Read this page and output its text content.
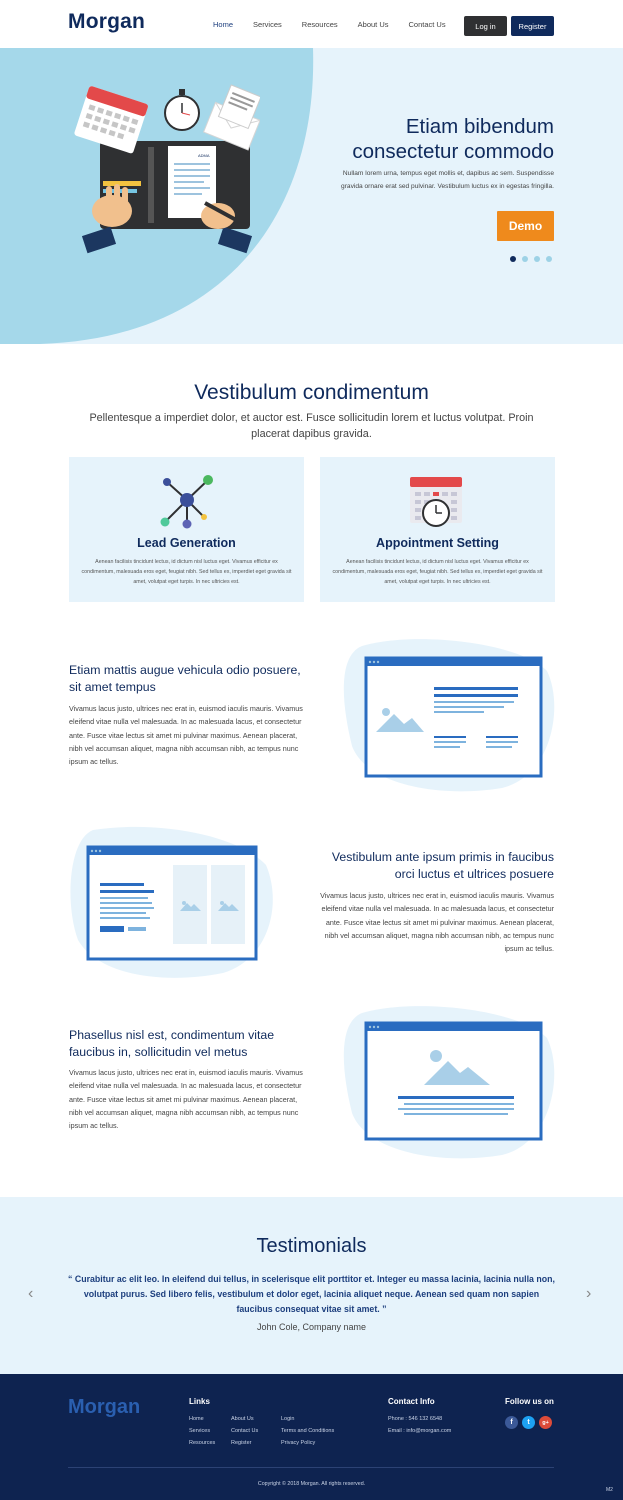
Morgan	Home	Services	Resources	About Us	Contact Us	Log in	Register
ADMA
Etiam bibendum
consectetur commodo
Nullam lorem urna, tempus eget mollis et, dapibus ac sem. Suspendisse gravida ornare erat sed pulvinar. Vestibulum luctus ex in egestas fringilla.
Demo
Vestibulum condimentum
Pellentesque a imperdiet dolor, et auctor est. Fusce sollicitudin lorem et luctus volutpat. Proin placerat dapibus gravida.
Lead Generation
Aenean facilisis tincidunt lectus, id dictum nisl luctus eget. Vivamus efficitur ex condimentum, malesuada eros eget, feugiat nibh. Sed tellus ex, imperdiet eget gravida sit amet, volutpat eget turpis. In nec ultricies est.
Appointment Setting
Aenean facilisis tincidunt lectus, id dictum nisl luctus eget. Vivamus efficitur ex condimentum, malesuada eros eget, feugiat nibh. Sed tellus ex, imperdiet eget gravida sit amet, volutpat eget turpis. In nec ultricies est.
Etiam mattis augue vehicula odio posuere, sit amet tempus
Vivamus lacus justo, ultrices nec erat in, euismod iaculis mauris. Vivamus eleifend vitae nulla vel malesuada. In ac malesuada lacus, et consectetur ante. Fusce vitae lectus sit amet mi pulvinar maximus. Aenean placerat, nibh vel accumsan aliquet, magna nibh accumsan nibh, ac tempus nunc ipsum ac tellus.
Vestibulum ante ipsum primis in faucibus orci luctus et ultrices posuere
Vivamus lacus justo, ultrices nec erat in, euismod iaculis mauris. Vivamus eleifend vitae nulla vel malesuada. In ac malesuada lacus, et consectetur ante. Fusce vitae lectus sit amet mi pulvinar maximus. Aenean placerat, nibh vel accumsan aliquet, magna nibh accumsan nibh, ac tempus nunc ipsum ac tellus.
Phasellus nisl est, condimentum vitae faucibus in, sollicitudin vel metus
Vivamus lacus justo, ultrices nec erat in, euismod iaculis mauris. Vivamus eleifend vitae nulla vel malesuada. In ac malesuada lacus, et consectetur ante. Fusce vitae lectus sit amet mi pulvinar maximus. Aenean placerat, nibh vel accumsan aliquet, magna nibh accumsan nibh, ac tempus nunc ipsum ac tellus.
Testimonials
‹
“ Curabitur ac elit leo. In eleifend dui tellus, in scelerisque elit porttitor et. Integer eu massa lacinia, lacinia nulla non, volutpat purus. Sed libero felis, vestibulum et dolor eget, lacinia aliquet neque. Aenean sed quam non sapien faucibus consequat vitae sit amet. ”
›
John Cole, Company name
Morgan	Links
Home
Services
Resources
About Us
Contact Us
Register
Login
Terms and Conditions
Privacy Policy
Contact Info
Phone : 546 132 6548
Email : info@morgan.com
Follow us on
f	t	g+
Copyright © 2018 Morgan. All rights reserved.
M2
